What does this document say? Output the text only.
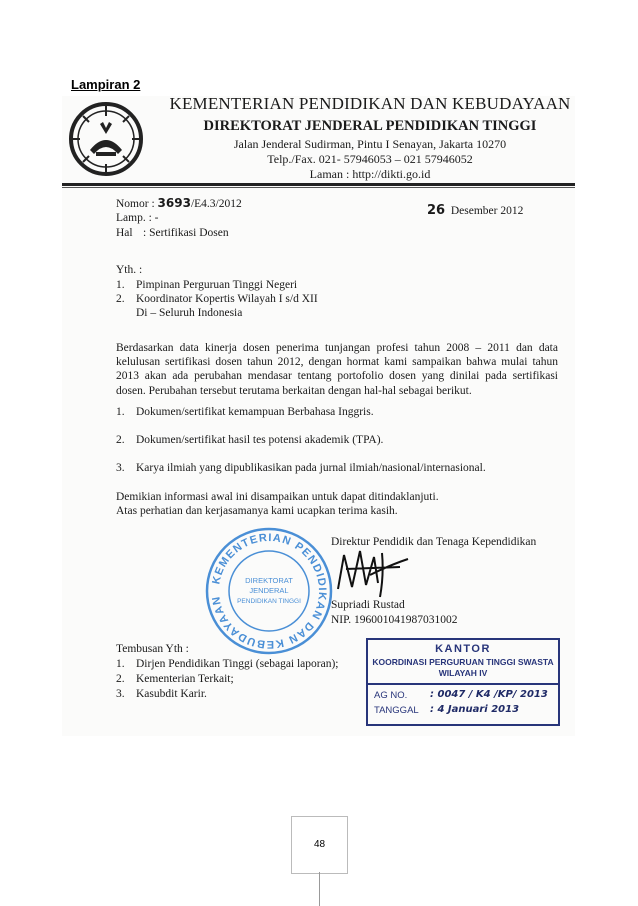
Lampiran 2
KEMENTERIAN PENDIDIKAN DAN KEBUDAYAAN
DIREKTORAT JENDERAL PENDIDIKAN TINGGI
Jalan Jenderal Sudirman, Pintu I Senayan, Jakarta 10270
Telp./Fax. 021- 57946053 – 021 57946052
Laman : http://dikti.go.id
Nomor : 3693/E4.3/2012	26 Desember 2012
Lamp. : -
Hal : Sertifikasi Dosen
Yth. :
1. Pimpinan Perguruan Tinggi Negeri
2. Koordinator Kopertis Wilayah I s/d XII
Di – Seluruh Indonesia
Berdasarkan data kinerja dosen penerima tunjangan profesi tahun 2008 – 2011 dan data kelulusan sertifikasi dosen tahun 2012, dengan hormat kami sampaikan bahwa mulai tahun 2013 akan ada perubahan mendasar tentang portofolio dosen yang dinilai pada sertifikasi dosen. Perubahan tersebut terutama berkaitan dengan hal-hal sebagai berikut.
1. Dokumen/sertifikat kemampuan Berbahasa Inggris.
2. Dokumen/sertifikat hasil tes potensi akademik (TPA).
3. Karya ilmiah yang dipublikasikan pada jurnal ilmiah/nasional/internasional.
Demikian informasi awal ini disampaikan untuk dapat ditindaklanjuti.
Atas perhatian dan kerjasamanya kami ucapkan terima kasih.
Direktur Pendidik dan Tenaga Kependidikan
KEMENTERIAN PENDIDIKAN DAN KEBUDAYAAN
DIREKTORAT
JENDERAL
PENDIDIKAN TINGGI	Supriadi Rustad
NIP. 196001041987031002
Tembusan Yth :
1. Dirjen Pendidikan Tinggi (sebagai laporan);
2. Kementerian Terkait;
3. Kasubdit Karir.
KANTOR
KOORDINASI PERGURUAN TINGGI SWASTA
WILAYAH IV
AG NO. : 0047 / K4 /KP/ 2013
TANGGAL : 4 Januari 2013
48
